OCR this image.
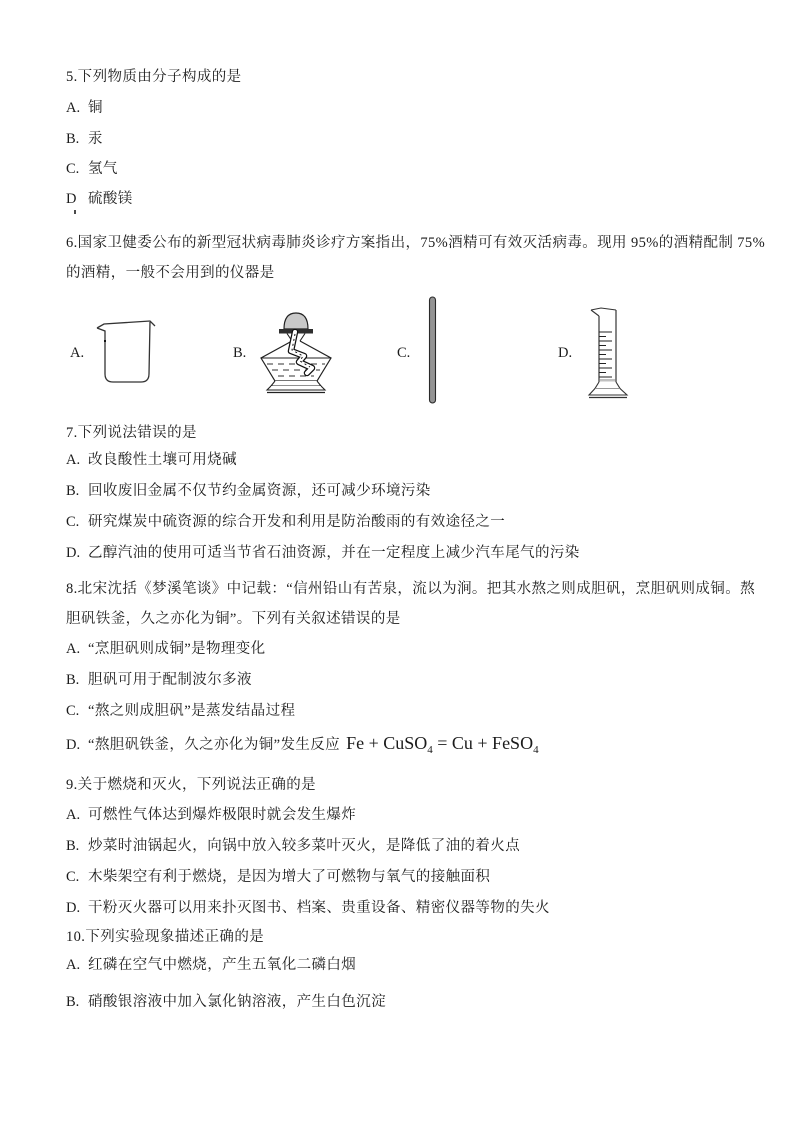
5.下列物质由分子构成的是
A. 铜
B. 汞
C. 氢气
D 硫酸镁
6.国家卫健委公布的新型冠状病毒肺炎诊疗方案指出，75%酒精可有效灭活病毒。现用 95%的酒精配制 75%
的酒精，一般不会用到的仪器是
A.	B.	C.	D.
7.下列说法错误的是
A. 改良酸性土壤可用烧碱
B. 回收废旧金属不仅节约金属资源，还可减少环境污染
C. 研究煤炭中硫资源的综合开发和利用是防治酸雨的有效途径之一
D. 乙醇汽油的使用可适当节省石油资源，并在一定程度上减少汽车尾气的污染
8.北宋沈括《梦溪笔谈》中记载：“信州铅山有苦泉，流以为涧。把其水熬之则成胆矾，烹胆矾则成铜。熬
胆矾铁釜，久之亦化为铜”。下列有关叙述错误的是
A. “烹胆矾则成铜”是物理变化
B. 胆矾可用于配制波尔多液
C. “熬之则成胆矾”是蒸发结晶过程
D. “熬胆矾铁釜，久之亦化为铜”发生反应 Fe + CuSO$_4$ = Cu + FeSO$_4$
9.关于燃烧和灭火，下列说法正确的是
A. 可燃性气体达到爆炸极限时就会发生爆炸
B. 炒菜时油锅起火，向锅中放入较多菜叶灭火，是降低了油的着火点
C. 木柴架空有利于燃烧，是因为增大了可燃物与氧气的接触面积
D. 干粉灭火器可以用来扑灭图书、档案、贵重设备、精密仪器等物的失火
10.下列实验现象描述正确的是
A. 红磷在空气中燃烧，产生五氧化二磷白烟
B. 硝酸银溶液中加入氯化钠溶液，产生白色沉淀
